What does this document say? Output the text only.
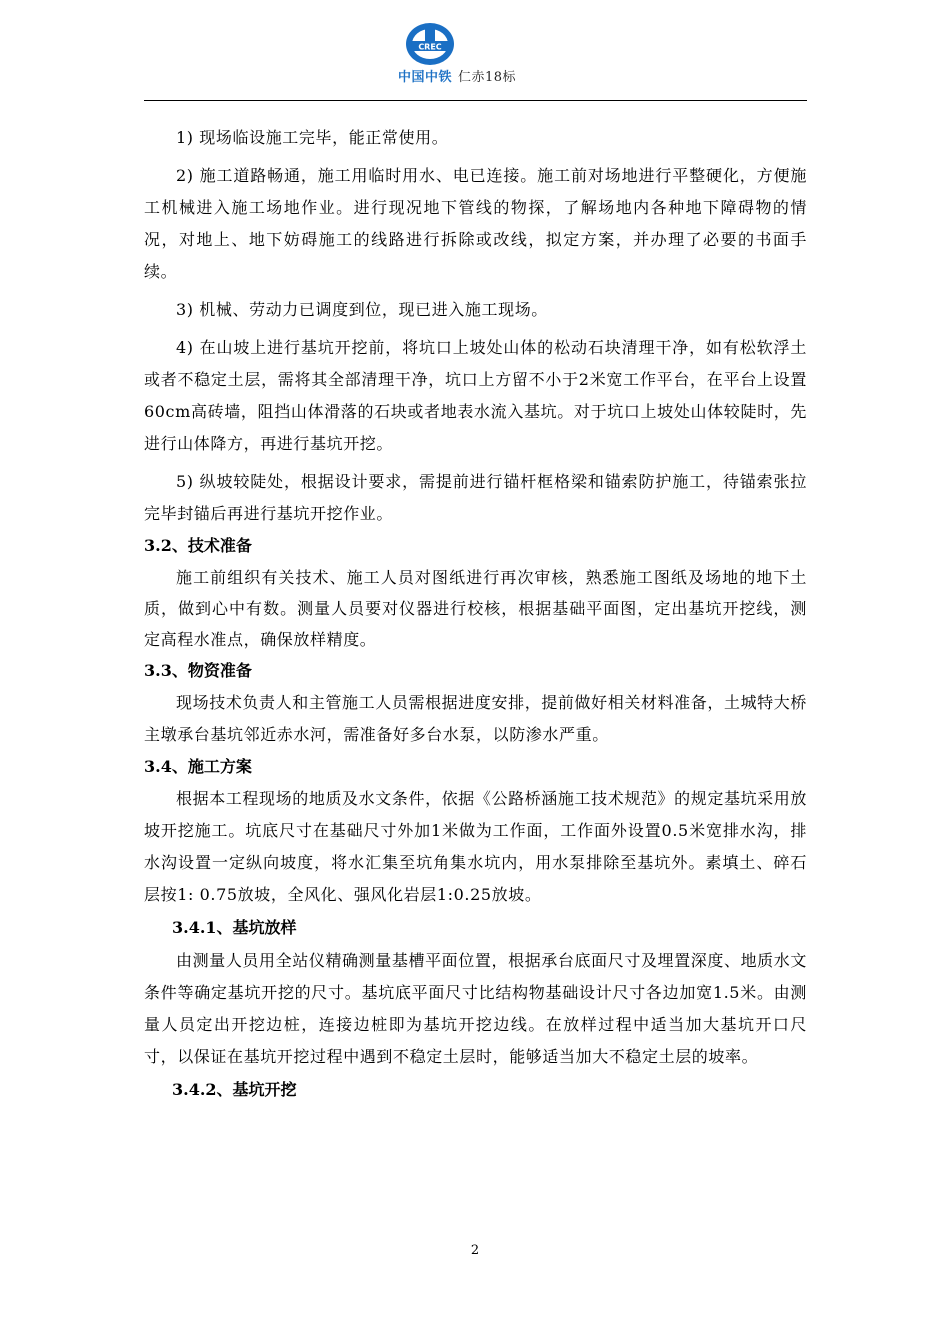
CREC
中国中铁 仁赤18标

1) 现场临设施工完毕，能正常使用。

2) 施工道路畅通，施工用临时用水、电已连接。施工前对场地进行平整硬化，方便施工机械进入施工场地作业。进行现况地下管线的物探，了解场地内各种地下障碍物的情况，对地上、地下妨碍施工的线路进行拆除或改线，拟定方案，并办理了必要的书面手续。

3) 机械、劳动力已调度到位，现已进入施工现场。

4) 在山坡上进行基坑开挖前，将坑口上坡处山体的松动石块清理干净，如有松软浮土或者不稳定土层，需将其全部清理干净，坑口上方留不小于2米宽工作平台，在平台上设置60cm高砖墙，阻挡山体滑落的石块或者地表水流入基坑。对于坑口上坡处山体较陡时，先进行山体降方，再进行基坑开挖。

5) 纵坡较陡处，根据设计要求，需提前进行锚杆框格梁和锚索防护施工，待锚索张拉完毕封锚后再进行基坑开挖作业。

3.2、技术准备

施工前组织有关技术、施工人员对图纸进行再次审核，熟悉施工图纸及场地的地下土质，做到心中有数。测量人员要对仪器进行校核，根据基础平面图，定出基坑开挖线，测定高程水准点，确保放样精度。

3.3、物资准备

现场技术负责人和主管施工人员需根据进度安排，提前做好相关材料准备，土城特大桥主墩承台基坑邻近赤水河，需准备好多台水泵，以防渗水严重。

3.4、施工方案

根据本工程现场的地质及水文条件，依据《公路桥涵施工技术规范》的规定基坑采用放坡开挖施工。坑底尺寸在基础尺寸外加1米做为工作面，工作面外设置0.5米宽排水沟，排水沟设置一定纵向坡度，将水汇集至坑角集水坑内，用水泵排除至基坑外。素填土、碎石层按1: 0.75放坡，全风化、强风化岩层1:0.25放坡。

3.4.1、基坑放样

由测量人员用全站仪精确测量基槽平面位置，根据承台底面尺寸及埋置深度、地质水文条件等确定基坑开挖的尺寸。基坑底平面尺寸比结构物基础设计尺寸各边加宽1.5米。由测量人员定出开挖边桩，连接边桩即为基坑开挖边线。在放样过程中适当加大基坑开口尺寸，以保证在基坑开挖过程中遇到不稳定土层时，能够适当加大不稳定土层的坡率。

3.4.2、基坑开挖
2
